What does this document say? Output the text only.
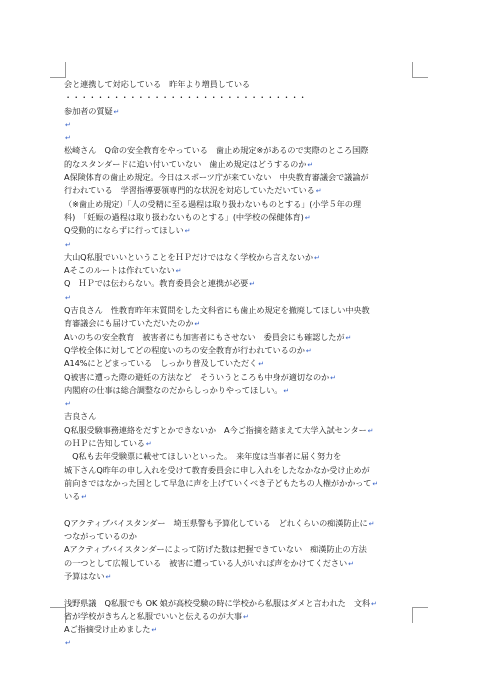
会と連携して対応している　昨年より増員している
・・・・・・・・・・・・・・・・・・・・・・・・・・・・・・
参加者の質疑↵
↵
↵
松崎さん　Q命の安全教育をやっている　歯止め規定※があるので実際のところ国際
的なスタンダードに追い付いていない　歯止め規定はどうするのか↵
A保険体育の歯止め規定。今日はスポーツ庁が来ていない　中央教育審議会で議論が
行われている　学習指導要領専門的な状況を対応していただいている↵
（※歯止め規定）「人の受精に至る過程は取り扱わないものとする」(小学５年の理
科)　「妊娠の過程は取り扱わないものとする」(中学校の保健体育)↵
Q受動的にならずに行ってほしい↵
↵
大山Q私服でいいということをＨＰだけではなく学校から言えないか↵
Aそこのルートは作れていない↵
Q　ＨＰでは伝わらない。教育委員会と連携が必要↵
↵
Q吉良さん　性教育昨年末質問をした文科省にも歯止め規定を撤廃してほしい中央教
育審議会にも届けていただいたのか↵
Aいのちの安全教育　被害者にも加害者にもさせない　委員会にも確認したが↵
Q学校全体に対してどの程度いのちの安全教育が行われているのか↵
A14%にとどまっている　しっかり普及していただく↵
Q被害に遭った際の避妊の方法など　そういうところも中身が適切なのか↵
内閣府の仕事は総合調整なのだからしっかりやってほしい。↵
↵
吉良さん
Q私服受験事務連絡をだすとかできないか　A今ご指摘を踏まえて大学入試センター↵
のＨＰに告知している↵
　Q私も去年受験票に載せてほしいといった。　来年度は当事者に届く努力を
城下さんQ昨年の申し入れを受けて教育委員会に申し入れをしたなかなか受け止めが
前向きではなかった国として早急に声を上げていくべき子どもたちの人権がかかって↵
いる↵
Qアクティブバイスタンダー　埼玉県警も予算化している　どれくらいの痴漢防止に↵
つながっているのか
Aアクティブバイスタンダーによって防げた数は把握できていない　痴漢防止の方法
の一つとして広報している　被害に遭っている人がいれば声をかけてください↵
予算はない↵
浅野県議　Q私服でも OK 娘が高校受験の時に学校から私服はダメと言われた　文科↵
省が学校がきちんと私服でいいと伝えるのが大事↵
Aご指摘受け止めました↵
↵
